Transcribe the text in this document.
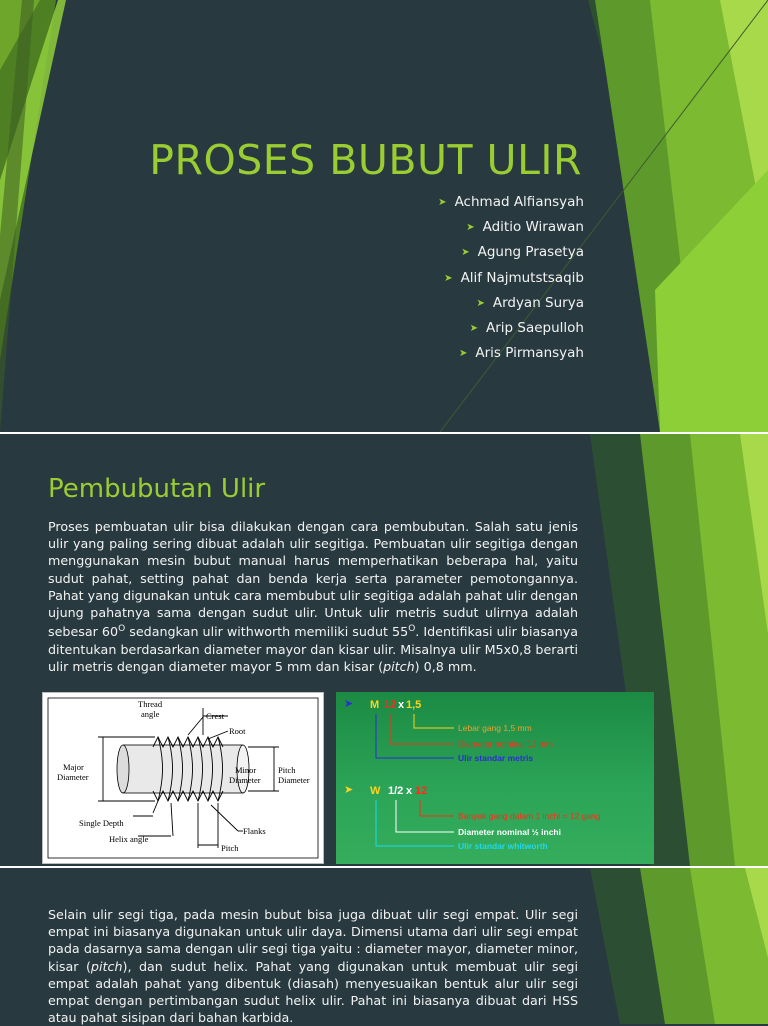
PROSES BUBUT ULIR
➤ Achmad Alfiansyah
➤ Aditio Wirawan
➤ Agung Prasetya
➤ Alif Najmutstsaqib
➤ Ardyan Surya
➤ Arip Saepulloh
➤ Aris Pirmansyah
Pembubutan Ulir

Proses pembuatan ulir bisa dilakukan dengan cara pembubutan. Salah satu jenis ulir yang paling sering dibuat adalah ulir segitiga. Pembuatan ulir segitiga dengan menggunakan mesin bubut manual harus memperhatikan beberapa hal, yaitu sudut pahat, setting pahat dan benda kerja serta parameter pemotongannya. Pahat yang digunakan untuk cara membubut ulir segitiga adalah pahat ulir dengan ujung pahatnya sama dengan sudut ulir. Untuk ulir metris sudut ulirnya adalah sebesar $60^O$ sedangkan ulir withworth memiliki sudut $55^O$. Identifikasi ulir biasanya ditentukan berdasarkan diameter mayor dan kisar ulir. Misalnya ulir M5x0,8 berarti ulir metris dengan diameter mayor 5 mm dan kisar (pitch) 0,8 mm.

Thread
angle	Crest
Root
Major
Diameter
Minor
Diameter
Pitch
Diameter
Single Depth
Flanks
Helix angle
Pitch
➤ M 12 x 1,5
Lebar gang 1,5 mm
Diameter nominal 12 mm
Ulir standar metris
➤ W 1/2 x 12
Banyak gang dalam 1 inchi = 12 gang
Diameter nominal ½ inchi
Ulir standar whitworth

Selain ulir segi tiga, pada mesin bubut bisa juga dibuat ulir segi empat. Ulir segi empat ini biasanya digunakan untuk ulir daya. Dimensi utama dari ulir segi empat pada dasarnya sama dengan ulir segi tiga yaitu : diameter mayor, diameter minor, kisar (pitch), dan sudut helix. Pahat yang digunakan untuk membuat ulir segi empat adalah pahat yang dibentuk (diasah) menyesuaikan bentuk alur ulir segi empat dengan pertimbangan sudut helix ulir. Pahat ini biasanya dibuat dari HSS atau pahat sisipan dari bahan karbida.
